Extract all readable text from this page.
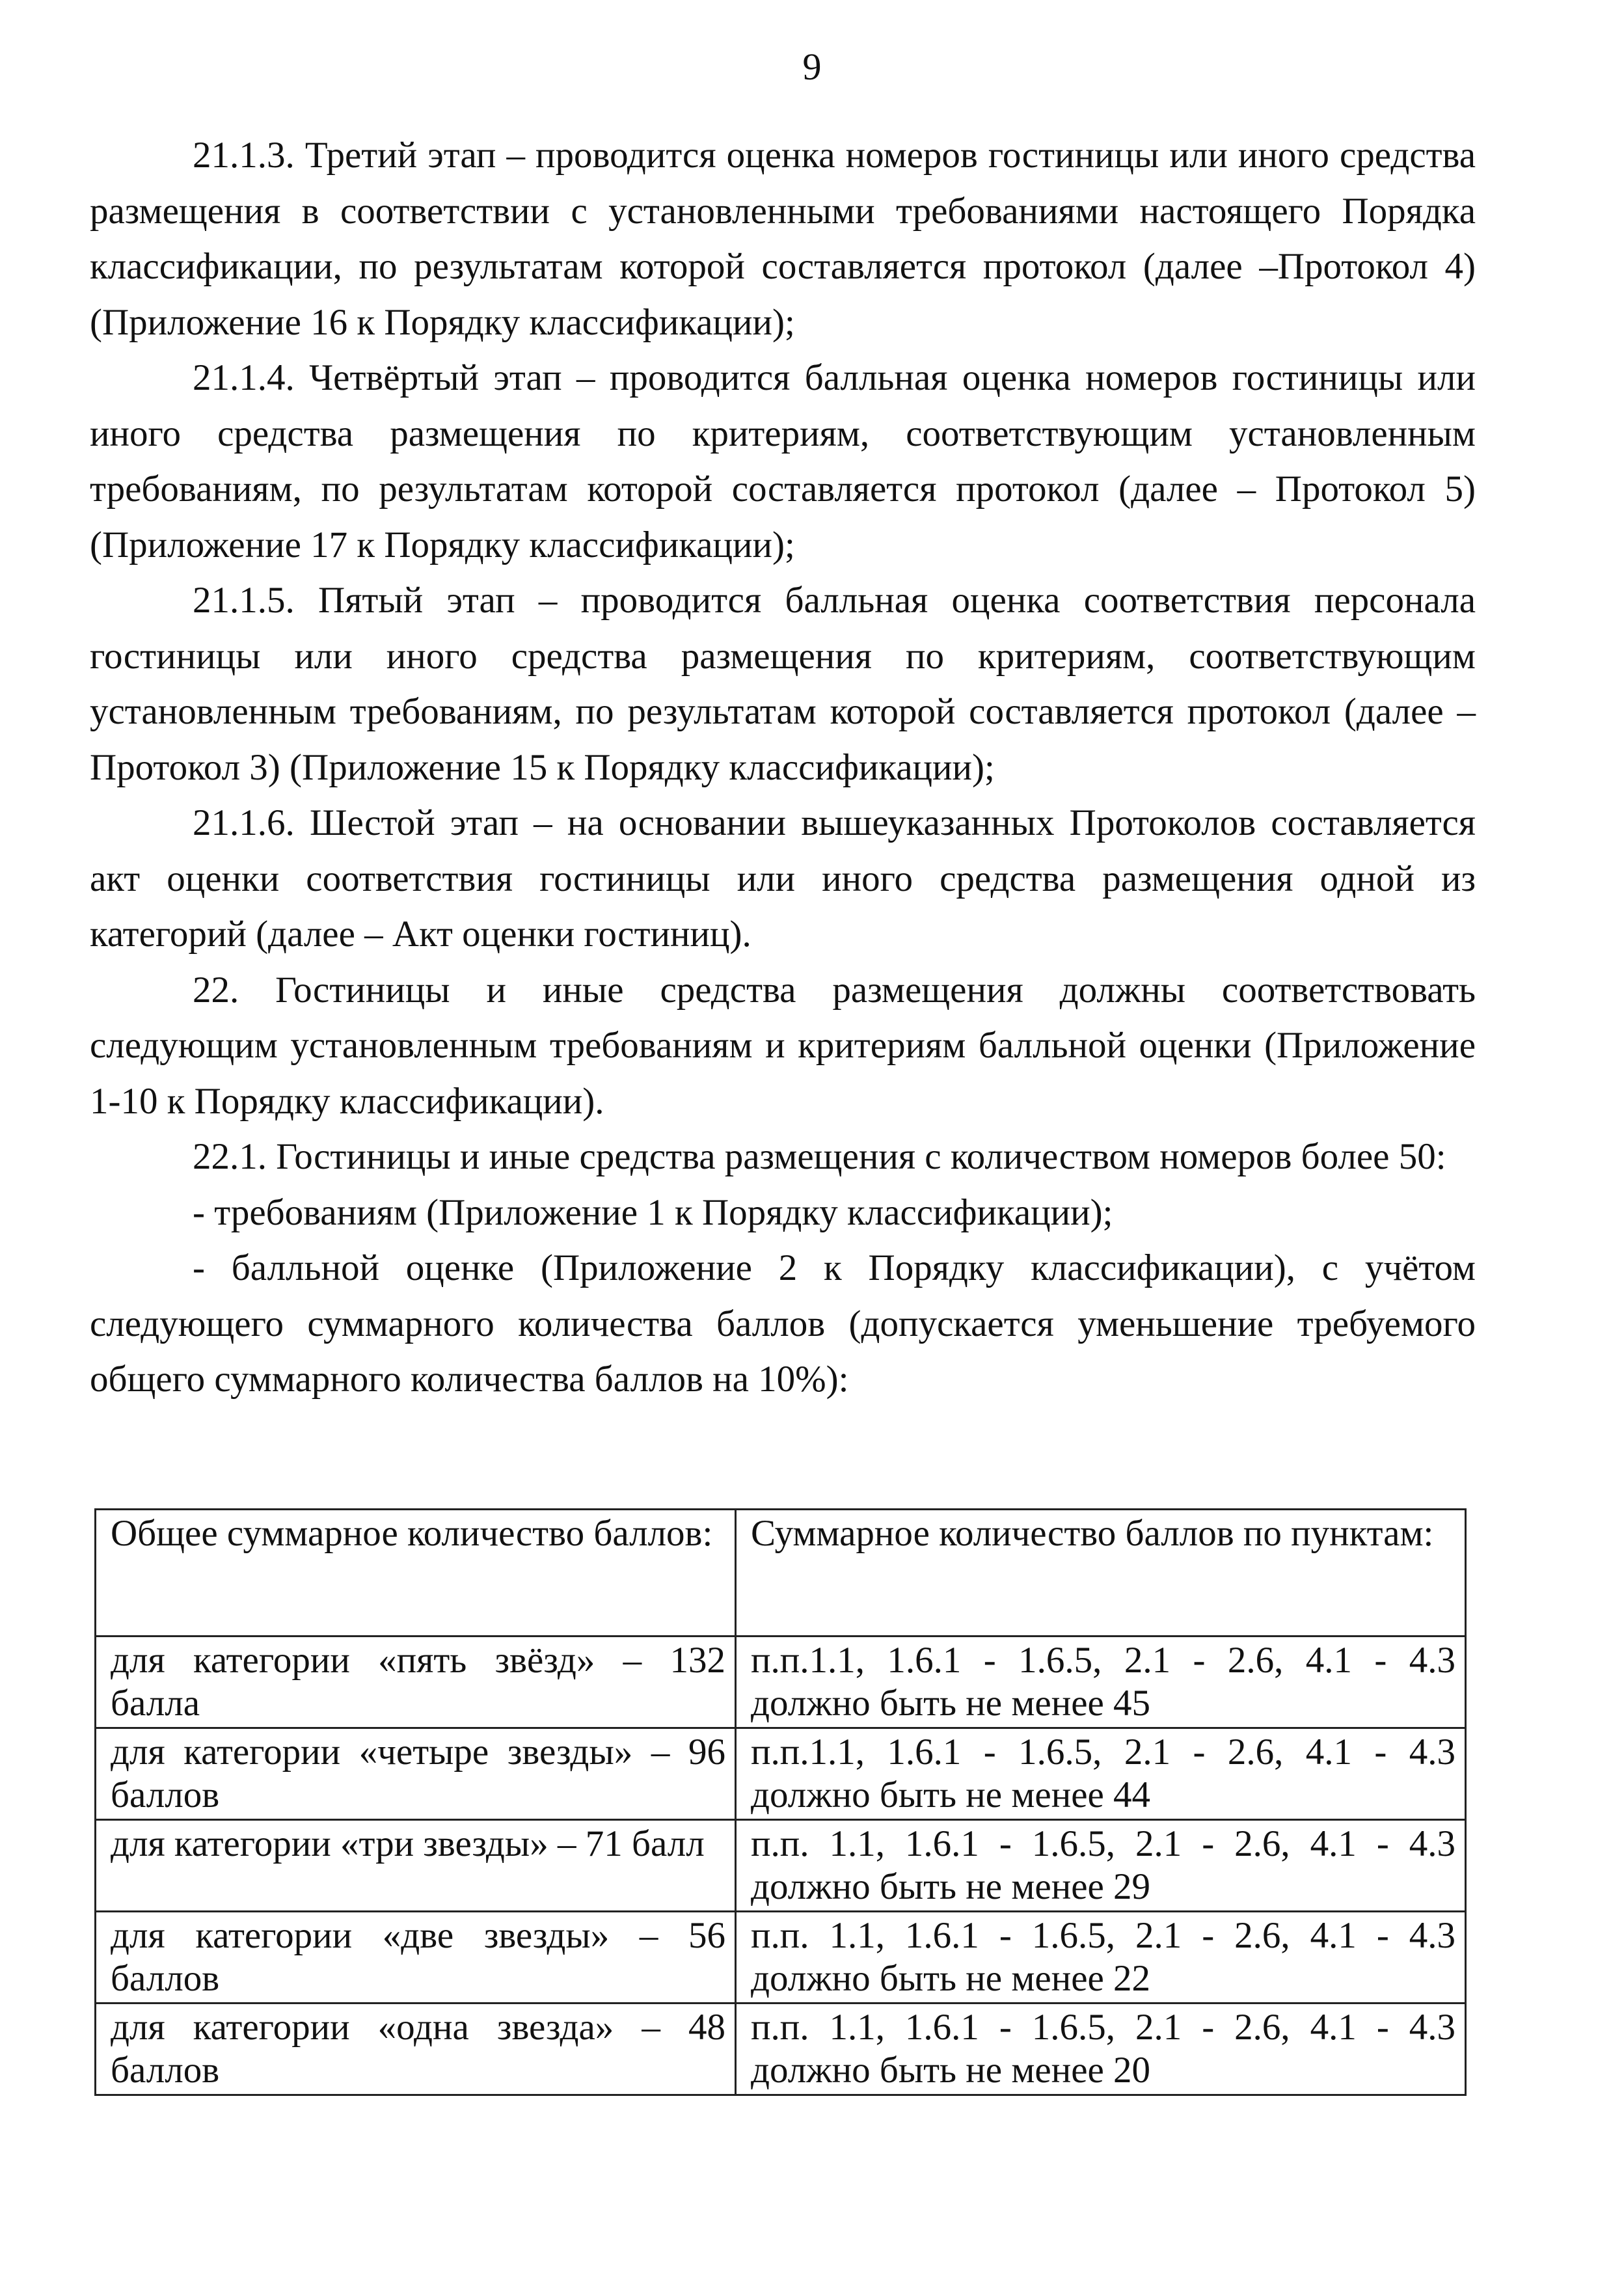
9

21.1.3. Третий этап – проводится оценка номеров гостиницы или иного средства размещения в соответствии с установленными требованиями настоящего Порядка классификации, по результатам которой составляется протокол (далее –Протокол 4) (Приложение 16 к Порядку классификации);

21.1.4. Четвёртый этап – проводится балльная оценка номеров гостиницы или иного средства размещения по критериям, соответствующим установленным требованиям, по результатам которой составляется протокол (далее – Протокол 5) (Приложение 17 к Порядку классификации);

21.1.5. Пятый этап – проводится балльная оценка соответствия персонала гостиницы или иного средства размещения по критериям, соответствующим установленным требованиям, по результатам которой составляется протокол (далее – Протокол 3) (Приложение 15 к Порядку классификации);

21.1.6. Шестой этап – на основании вышеуказанных Протоколов составляется акт оценки соответствия гостиницы или иного средства размещения одной из категорий (далее – Акт оценки гостиниц).

22. Гостиницы и иные средства размещения должны соответствовать следующим установленным требованиям и критериям балльной оценки (Приложение 1-10 к Порядку классификации).

22.1. Гостиницы и иные средства размещения с количеством номеров более 50:

- требованиям (Приложение 1 к Порядку классификации);

- балльной оценке (Приложение 2 к Порядку классификации), с учётом следующего суммарного количества баллов (допускается уменьшение требуемого общего суммарного количества баллов на 10%):

Общее суммарное количество баллов:	Суммарное количество баллов по пунктам:
для категории «пять звёзд» – 132 балла	п.п.1.1, 1.6.1 - 1.6.5, 2.1 - 2.6, 4.1 - 4.3 должно быть не менее 45
для категории «четыре звезды» – 96 баллов	п.п.1.1, 1.6.1 - 1.6.5, 2.1 - 2.6, 4.1 - 4.3 должно быть не менее 44
для категории «три звезды» – 71 балл	п.п. 1.1, 1.6.1 - 1.6.5, 2.1 - 2.6, 4.1 - 4.3 должно быть не менее 29
для категории «две звезды» – 56 баллов	п.п. 1.1, 1.6.1 - 1.6.5, 2.1 - 2.6, 4.1 - 4.3 должно быть не менее 22
для категории «одна звезда» – 48 баллов	п.п. 1.1, 1.6.1 - 1.6.5, 2.1 - 2.6, 4.1 - 4.3 должно быть не менее 20
